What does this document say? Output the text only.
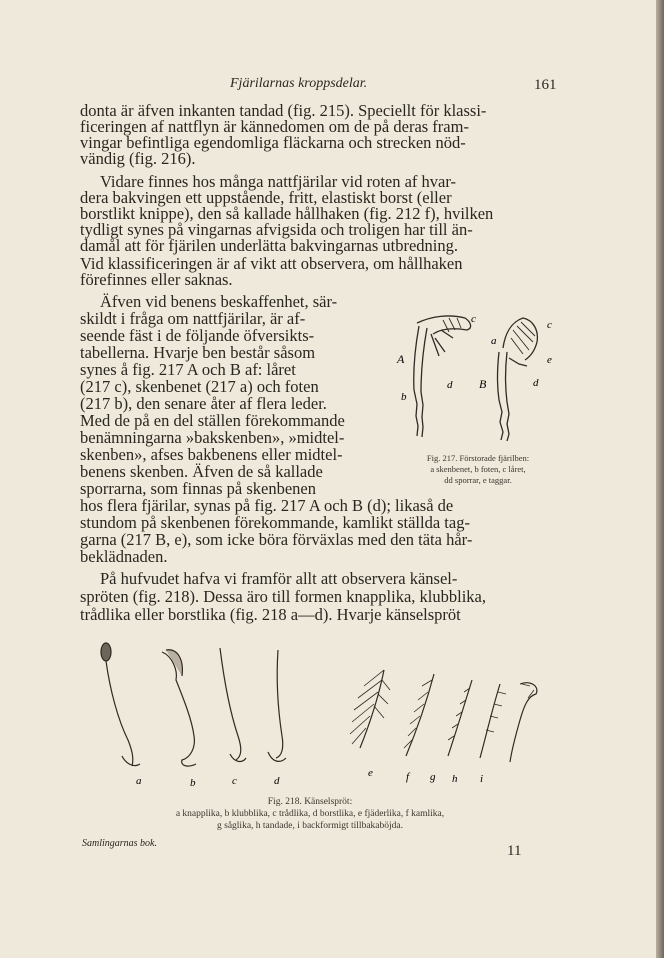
Fjärilarnas kroppsdelar.	161
donta är äfven inkanten tandad (fig. 215). Speciellt för klassi-
ficeringen af nattflyn är kännedomen om de på deras fram-
vingar befintliga egendomliga fläckarna och strecken nöd-
vändig (fig. 216).
Vidare finnes hos många nattfjärilar vid roten af hvar-
dera bakvingen ett uppstående, fritt, elastiskt borst (eller
borstlikt knippe), den så kallade hållhaken (fig. 212 f), hvilken
tydligt synes på vingarnas afvigsida och troligen har till än-
damål att för fjärilen underlätta bakvingarnas utbredning.
Vid klassificeringen är af vikt att observera, om hållhaken
förefinnes eller saknas.
Äfven vid benens beskaffenhet, sär-
skildt i fråga om nattfjärilar, är af-
seende fäst i de följande öfversikts-
tabellerna. Hvarje ben består såsom
synes å fig. 217 A och B af: låret
(217 c), skenbenet (217 a) och foten
(217 b), den senare åter af flera leder.
Med de på en del ställen förekommande
benämningarna »bakskenben», »midtel-
skenben», afses bakbenens eller midtel-
benens skenben. Äfven de så kallade
sporrarna, som finnas på skenbenen
hos flera fjärilar, synas på fig. 217 A och B (d); likaså de
stundom på skenbenen förekommande, kamlikt ställda tag-
garna (217 B, e), som icke böra förväxlas med den täta hår-
beklädnaden.
På hufvudet hafva vi framför allt att observera känsel-
spröten (fig. 218). Dessa äro till formen knapplika, klubblika,
trådlika eller borstlika (fig. 218 a—d). Hvarje känselspröt
A
b
d
c
a
B	d
c
e
Fig. 217. Förstorade fjärilben:
a skenbenet, b foten, c låret,
dd sporrar, e taggar.
a	b	c	d
e	f g h i
Fig. 218. Känselspröt:
a knapplika, b klubblika, c trådlika, d borstlika, e fjäderlika, f kamlika,
g såglika, h tandade, i backformigt tillbakaböjda.
Samlingarnas bok.	11
